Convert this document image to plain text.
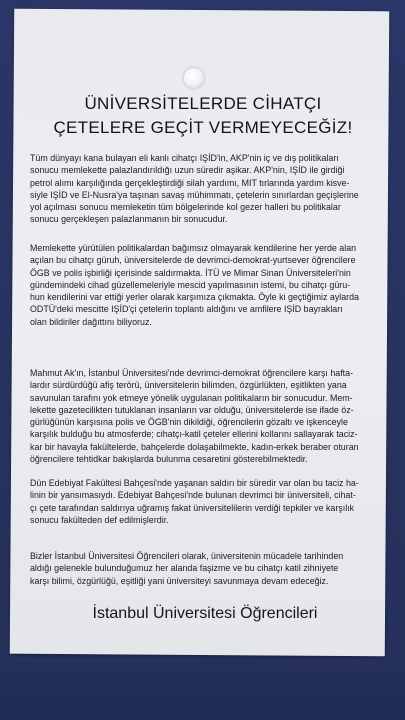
ÜNİVERSİTELERDE CİHATÇI
ÇETELERE GEÇİT VERMEYECEĞİZ!
Tüm dünyayı kana bulayan eli kanlı cihatçı IŞİD'in, AKP'nin iç ve dış politikaları
sonucu memlekette palazlandırıldığı uzun süredir aşikar. AKP'nin, IŞİD ile girdiği
petrol alımı karşılığında gerçekleştirdiği silah yardımı, MIT tırlarında yardım kisve-
siyle IŞİD ve El-Nusra'ya taşınan savaş mühimmatı, çetelerin sınırlardan geçişlerine
yol açılması sonucu memleketin tüm bölgelerinde kol gezer halleri bu politikalar
sonucu gerçekleşen palazlanmanın bir sonucudur.
Memlekette yürütülen politikalardan bağımsız olmayarak kendilerine her yerde alan
açılan bu cihatçı güruh, üniversitelerde de devrimci-demokrat-yurtsever öğrencilere
ÖGB ve polis işbirliği içerisinde saldırmakta. İTÜ ve Mimar Sinan Üniversiteleri'nin
gündemindeki cihad güzellemeleriyle mescid yapılmasının istemi, bu cihatçı güru-
hun kendilerini var ettiği yerler olarak karşımıza çıkmakta. Öyle ki geçtiğimiz aylarda
ODTÜ'deki mescitte IŞİD'çi çetelerin toplantı aldığını ve amfilere IŞİD bayrakları
olan bildiriler dağıttını biliyoruz.
Mahmut Ak'ın, İstanbul Üniversitesi'nde devrimci-demokrat öğrencilere karşı hafta-
lardır sürdürdüğü afiş terörü, üniversitelerin bilimden, özgürlükten, eşitlikten yana
savunulan tarafını yok etmeye yönelik uygulanan politikaların bir sonucudur. Mem-
lekette gazetecilikten tutuklanan insanların var olduğu, üniversitelerde ise ifade öz-
gürlüğünün karşısına polis ve ÖGB'nin dikildiği, öğrencilerin gözaltı ve işkenceyle
karşılık bulduğu bu atmosferde; cihatçı-katil çeteler ellerini kollarını sallayarak taciz-
kar bir havayla fakültelerde, bahçelerde dolaşabilmekte, kadın-erkek beraber oturan
öğrencilere tehtidkar bakışlarda bulunma cesaretini gösterebilmektedir.
Dün Edebiyat Fakültesi Bahçesi'nde yaşanan saldırı bir süredir var olan bu taciz ha-
linin bir yansımasıydı. Edebiyat Bahçesi'nde bulunan devrimci bir üniversiteli, cihat-
çı çete tarafından saldırıya uğramış fakat üniversitelilerin verdiği tepkiler ve karşılık
sonucu fakülteden def edilmişlerdir.
Bizler İstanbul Üniversitesi Öğrencileri olarak, üniversitenin mücadele tarihinden
aldığı gelenekle bulunduğumuz her alanda faşizme ve bu cihatçı katil zihniyete
karşı bilimi, özgürlüğü, eşitliği yani üniversiteyi savunmaya devam edeceğiz.
İstanbul Üniversitesi Öğrencileri
